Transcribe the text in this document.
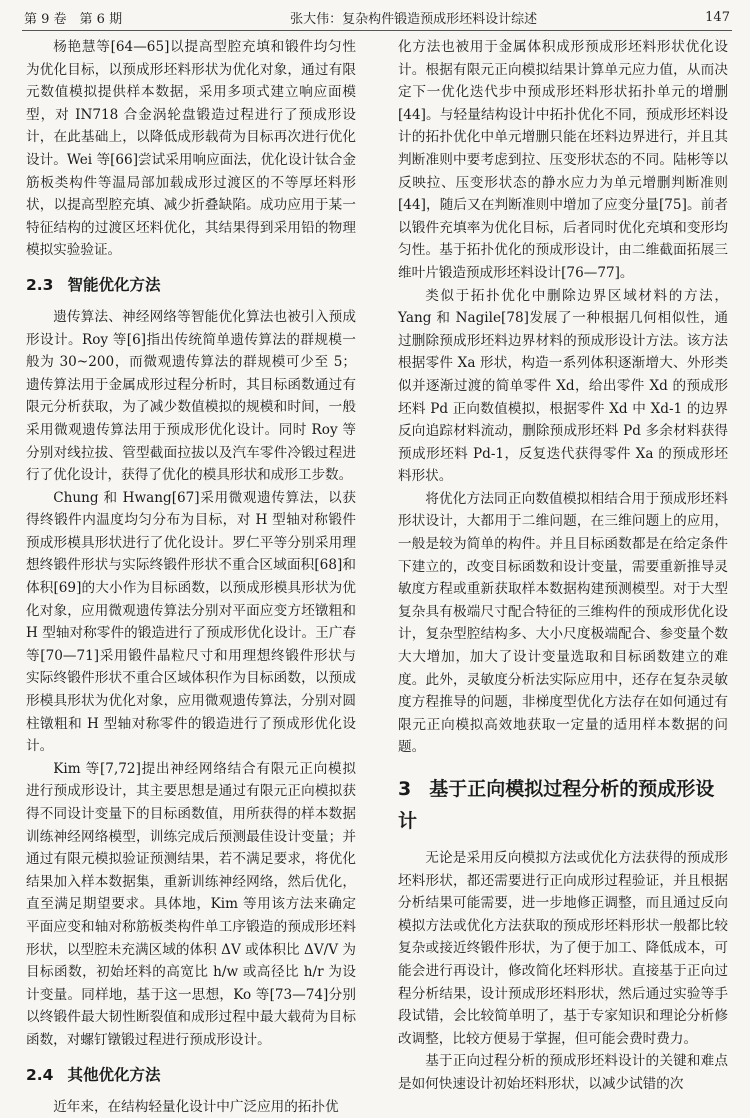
第 9 卷　第 6 期	张大伟：复杂构件锻造预成形坯料设计综述	147

杨艳慧等[64—65]以提高型腔充填和锻件均匀性为优化目标，以预成形坯料形状为优化对象，通过有限元数值模拟提供样本数据，采用多项式建立响应面模型，对 IN718 合金涡轮盘锻造过程进行了预成形设计，在此基础上，以降低成形载荷为目标再次进行优化设计。Wei 等[66]尝试采用响应面法，优化设计钛合金筋板类构件等温局部加载成形过渡区的不等厚坯料形状，以提高型腔充填、减少折叠缺陷。成功应用于某一特征结构的过渡区坯料优化，其结果得到采用铅的物理模拟实验验证。

2.3 智能优化方法

遗传算法、神经网络等智能优化算法也被引入预成形设计。Roy 等[6]指出传统简单遗传算法的群规模一般为 30~200，而微观遗传算法的群规模可少至 5；遗传算法用于金属成形过程分析时，其目标函数通过有限元分析获取，为了减少数值模拟的规模和时间，一般采用微观遗传算法用于预成形优化设计。同时 Roy 等分别对线拉拔、管型截面拉拔以及汽车零件冷锻过程进行了优化设计，获得了优化的模具形状和成形工步数。

Chung 和 Hwang[67]采用微观遗传算法，以获得终锻件内温度均匀分布为目标，对 H 型轴对称锻件预成形模具形状进行了优化设计。罗仁平等分别采用理想终锻件形状与实际终锻件形状不重合区域面积[68]和体积[69]的大小作为目标函数，以预成形模具形状为优化对象，应用微观遗传算法分别对平面应变方坯镦粗和 H 型轴对称零件的锻造进行了预成形优化设计。王广春等[70—71]采用锻件晶粒尺寸和用理想终锻件形状与实际终锻件形状不重合区域体积作为目标函数，以预成形模具形状为优化对象，应用微观遗传算法，分别对圆柱镦粗和 H 型轴对称零件的锻造进行了预成形优化设计。

Kim 等[7,72]提出神经网络结合有限元正向模拟进行预成形设计，其主要思想是通过有限元正向模拟获得不同设计变量下的目标函数值，用所获得的样本数据训练神经网络模型，训练完成后预测最佳设计变量；并通过有限元模拟验证预测结果，若不满足要求，将优化结果加入样本数据集，重新训练神经网络，然后优化，直至满足期望要求。具体地，Kim 等用该方法来确定平面应变和轴对称筋板类构件单工序锻造的预成形坯料形状，以型腔未充满区域的体积 ΔV 或体积比 ΔV/V 为目标函数，初始坯料的高宽比 h/w 或高径比 h/r 为设计变量。同样地，基于这一思想，Ko 等[73—74]分别以终锻件最大韧性断裂值和成形过程中最大载荷为目标函数，对螺钉镦锻过程进行预成形设计。

2.4 其他优化方法

近年来，在结构轻量化设计中广泛应用的拓扑优

化方法也被用于金属体积成形预成形坯料形状优化设计。根据有限元正向模拟结果计算单元应力值，从而决定下一优化迭代步中预成形坯料形状拓扑单元的增删[44]。与轻量结构设计中拓扑优化不同，预成形坯料设计的拓扑优化中单元增删只能在坯料边界进行，并且其判断准则中要考虑到拉、压变形状态的不同。陆彬等以反映拉、压变形状态的静水应力为单元增删判断准则[44]，随后又在判断准则中增加了应变分量[75]。前者以锻件充填率为优化目标，后者同时优化充填和变形均匀性。基于拓扑优化的预成形设计，由二维截面拓展三维叶片锻造预成形坯料设计[76—77]。

类似于拓扑优化中删除边界区域材料的方法，Yang 和 Nagile[78]发展了一种根据几何相似性，通过删除预成形坯料边界材料的预成形设计方法。该方法根据零件 Xa 形状，构造一系列体积逐渐增大、外形类似并逐渐过渡的简单零件 Xd，给出零件 Xd 的预成形坯料 Pd 正向数值模拟，根据零件 Xd 中 Xd-1 的边界反向追踪材料流动，删除预成形坯料 Pd 多余材料获得预成形坯料 Pd-1，反复迭代获得零件 Xa 的预成形坯料形状。

将优化方法同正向数值模拟相结合用于预成形坯料形状设计，大都用于二维问题，在三维问题上的应用，一般是较为简单的构件。并且目标函数都是在给定条件下建立的，改变目标函数和设计变量，需要重新推导灵敏度方程或重新获取样本数据构建预测模型。对于大型复杂具有极端尺寸配合特征的三维构件的预成形优化设计，复杂型腔结构多、大小尺度极端配合、参变量个数大大增加，加大了设计变量选取和目标函数建立的难度。此外，灵敏度分析法实际应用中，还存在复杂灵敏度方程推导的问题，非梯度型优化方法存在如何通过有限元正向模拟高效地获取一定量的适用样本数据的问题。

3 基于正向模拟过程分析的预成形设计

无论是采用反向模拟方法或优化方法获得的预成形坯料形状，都还需要进行正向成形过程验证，并且根据分析结果可能需要，进一步地修正调整，而且通过反向模拟方法或优化方法获取的预成形坯料形状一般都比较复杂或接近终锻件形状，为了便于加工、降低成本，可能会进行再设计，修改简化坯料形状。直接基于正向过程分析结果，设计预成形坯料形状，然后通过实验等手段试错，会比较简单明了，基于专家知识和理论分析修改调整，比较方便易于掌握，但可能会费时费力。

基于正向过程分析的预成形坯料设计的关键和难点是如何快速设计初始坯料形状，以减少试错的次
